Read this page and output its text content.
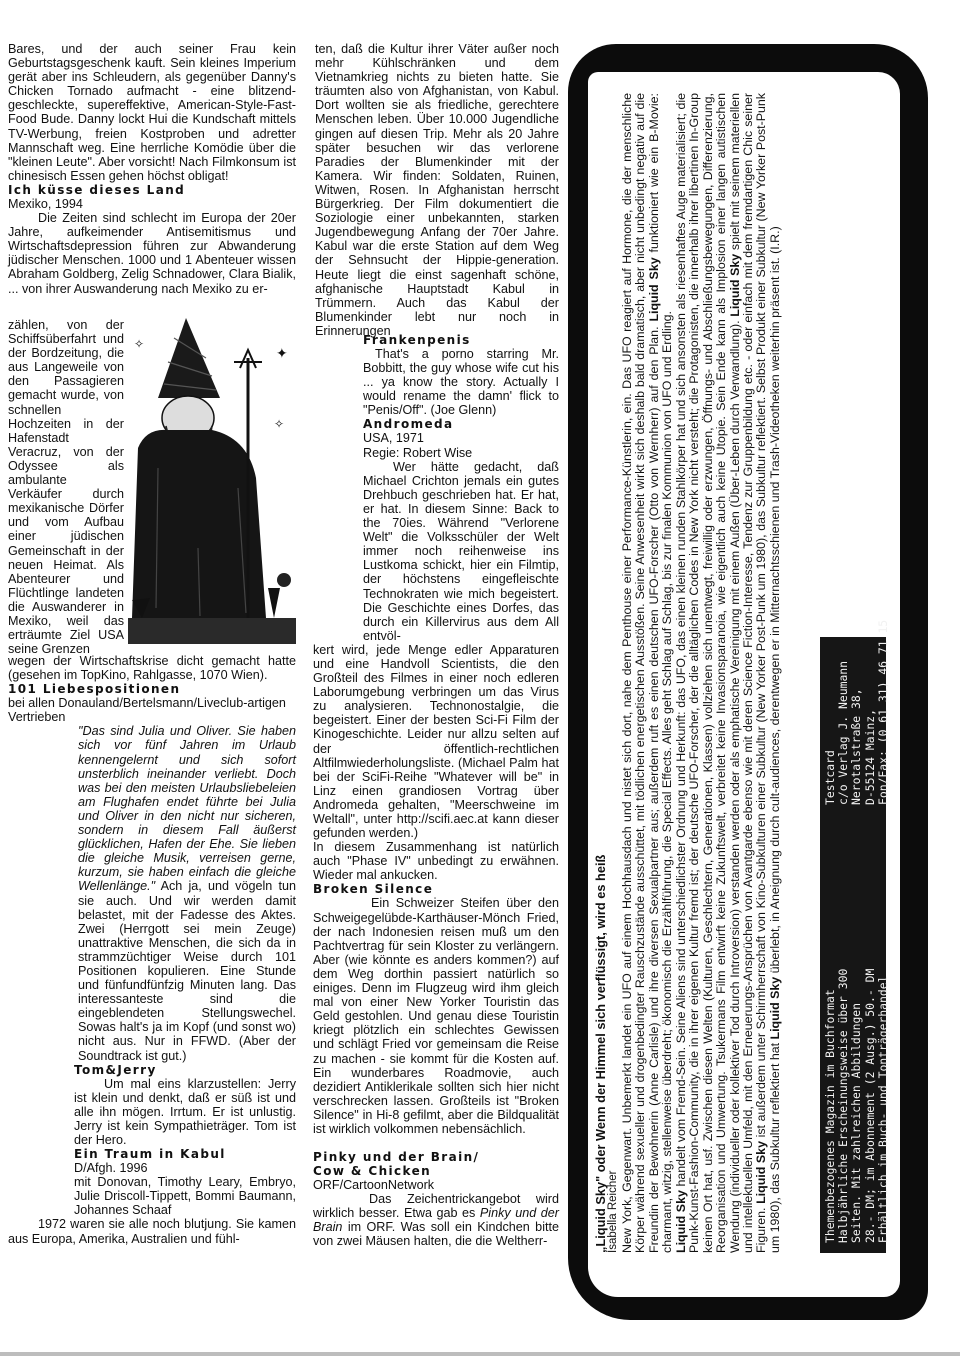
Bares, und der auch seiner Frau kein Geburtstagsgeschenk kauft. Sein kleines Imperium gerät aber ins Schleudern, als gegenüber Danny's Chicken Tornado aufmacht - eine blitzend-geschleckte, supereffektive, American-Style-Fast-Food Bude. Danny lockt Hui die Kundschaft mittels TV-Werbung, freien Kostproben und adretter Mannschaft weg. Eine herrliche Komödie über die "kleinen Leute". Aber vorsicht! Nach Filmkonsum ist chinesisch Essen gehen höchst obligat!

Ich küsse dieses Land

Mexiko, 1994

Die Zeiten sind schlecht im Europa der 20er Jahre, aufkeimender Antisemitismus und Wirtschaftsdepression führen zur Abwanderung jüdischer Menschen. 1000 und 1 Abenteuer wissen Abraham Goldberg, Zelig Schnadower, Clara Bialik, ... von ihrer Auswanderung nach Mexiko zu er-

zählen, von der Schiffsüberfahrt und der Bordzeitung, die aus Langeweile von den Passagieren gemacht wurde, von schnellen Hochzeiten in der Hafenstadt Veracruz, von der Odyssee als ambulante Verkäufer durch mexikanische Dörfer und vom Aufbau einer jüdischen Gemeinschaft in der neuen Heimat. Als Abenteurer und Flüchtlinge landeten die Auswanderer in Mexiko, weil das erträumte Ziel USA seine Grenzen
✦
✧
✧

wegen der Wirtschaftskrise dicht gemacht hatte (gesehen im TopKino, Rahlgasse, 1070 Wien).

101 Liebespositionen

bei allen Donauland/Bertelsmann/Liveclub-artigen Vertrieben

"Das sind Julia und Oliver. Sie haben sich vor fünf Jahren im Urlaub kennengelernt und sich sofort unsterblich ineinander verliebt. Doch was bei den meisten Urlaubsliebeleien am Flughafen endet führte bei Julia und Oliver in den nicht nur sicheren, sondern in diesem Fall äußerst glücklichen, Hafen der Ehe. Sie lieben die gleiche Musik, verreisen gerne, kurzum, sie haben einfach die gleiche Wellenlänge." Ach ja, und vögeln tun sie auch. Und wir werden damit belastet, mit der Fadesse des Aktes. Zwei (Herrgott sei mein Zeuge) unattraktive Menschen, die sich da in strammzüchtiger Weise durch 101 Positionen kopulieren. Eine Stunde und fünfundfünfzig Minuten lang. Das interessanteste sind die eingeblendeten Stellungswechel. Sowas halt's ja im Kopf (und sonst wo) nicht aus. Nur in FFWD. (Aber der Soundtrack ist gut.)

Tom&Jerry

Um mal eins klarzustellen: Jerry ist klein und denkt, daß er süß ist und alle ihn mögen. Irrtum. Er ist unlustig. Jerry ist kein Sympathieträger. Tom ist der Hero.

Ein Traum in Kabul

D/Afgh. 1996

mit Donovan, Timothy Leary, Embryo, Julie Driscoll-Tippett, Bommi Baumann, Johannes Schaaf

1972 waren sie alle noch blutjung. Sie kamen aus Europa, Amerika, Australien und fühl-

ten, daß die Kultur ihrer Väter außer noch mehr Kühlschränken und dem Vietnamkrieg nichts zu bieten hatte. Sie träumten also von Afghanistan, von Kabul. Dort wollten sie als friedliche, gerechtere Menschen leben. Über 10.000 Jugendliche gingen auf diesen Trip. Mehr als 20 Jahre später besuchen wir das verlorene Paradies der Blumenkinder mit der Kamera. Wir finden: Soldaten, Ruinen, Witwen, Rosen. In Afghanistan herrscht Bürgerkrieg. Der Film dokumentiert die Soziologie einer unbekannten, starken Jugendbewegung Anfang der 70er Jahre. Kabul war die erste Station auf dem Weg der Sehnsucht der Hippie-generation. Heute liegt die einst sagenhaft schöne, afghanische Hauptstadt Kabul in Trümmern. Auch das Kabul der Blumenkinder lebt nur noch in Erinnerungen

Frankenpenis

That's a porno starring Mr. Bobbitt, the guy whose wife cut his ... ya know the story. Actually I would rename the damn' flick to "Penis/Off". (Joe Glenn)

Andromeda

USA, 1971

Regie: Robert Wise

Wer hätte gedacht, daß Michael Crichton jemals ein gutes Drehbuch geschrieben hat. Er hat, er hat. In diesem Sinne: Back to the 70ies. Während "Verlorene Welt" die Volksschüler der Welt immer noch reihenweise ins Lustkoma schickt, hier ein Filmtip, der höchstens eingefleischte Technokraten wie mich begeistert. Die Geschichte eines Dorfes, das durch ein Killervirus aus dem All entvöl-

kert wird, jede Menge edler Apparaturen und eine Handvoll Scientists, die den Großteil des Filmes in einer noch edleren Laborumgebung verbringen um das Virus zu analysieren. Technonostalgie, die begeistert. Einer der besten Sci-Fi Film der Kinogeschichte. Leider nur allzu selten auf der öffentlich-rechtlichen Altfilmwiederholungsliste. (Michael Palm hat bei der SciFi-Reihe "Whatever will be" in Linz einen grandiosen Vortrag über Andromeda gehalten, "Meerschweine im Weltall", unter http://scifi.aec.at kann dieser gefunden werden.)

In diesem Zusammenhang ist natürlich auch "Phase IV" unbedingt zu erwähnen. Wieder mal ankucken.

Broken Silence

Ein Schweizer Steifen über den Schweigegelübde-Karthäuser-Mönch Fried, der nach Indonesien reisen muß um den Pachtvertrag für sein Kloster zu verlängern. Aber (wie könnte es anders kommen?) auf dem Weg dorthin passiert natürlich so einiges. Denn im Flugzeug wird ihm gleich mal von einer New Yorker Touristin das Geld gestohlen. Und genau diese Touristin kriegt plötzlich ein schlechtes Gewissen und schlägt Fried vor gemeinsam die Reise zu machen - sie kommt für die Kosten auf. Ein wunderbares Roadmovie, auch dezidiert Antiklerikale sollten sich hier nicht verschrecken lassen. Großteils ist "Broken Silence" in Hi-8 gefilmt, aber die Bildqualität ist wirklich volkommen nebensächlich.

Pinky und der Brain/

Cow & Chicken

ORF/CartoonNetwork

Das Zeichentrickangebot wird wirklich besser. Etwa gab es Pinky und der Brain im ORF. Was soll ein Kindchen bitte von zwei Mäusen halten, die die Weltherr-	„Liquid Sky" oder Wenn der Himmel sich verflüssigt, wird es heiß Isabella Reicher New York, Gegenwart. Unbemerkt landet ein UFO auf einem Hochhausdach und nistet sich dort, nahe dem Penthouse einer Performance-Künstlerin, ein. Das UFO reagiert auf Hormone, die der menschliche Körper während sexueller und drogenbedingter Rauschzustände ausschüttet, mit tödlichen energetischen Ausstößen. Seine Anwesenheit wirkt sich deshalb bald dramatisch, aber nicht unbedingt negativ auf die Freundin der Bewohnerin (Anne Carlisle) und ihre diversen Sexualpartner aus; außerdem ruft es einen deutschen UFO-Forscher (Otto von Wernherr) auf den Plan. Liquid Sky funktioniert wie ein B-Movie: charmant, witzig, stellenweise überdreht; ökonomisch die Erzählführung, die Special Effects. Alles geht Schlag auf Schlag, bis zur finalen Kommunion von UFO und Erdling. Liquid Sky handelt vom Fremd-Sein. Seine Aliens sind unterschiedlichster Ordnung und Herkunft: das UFO, das einen kleinen runden Stahlkörper hat und sich ansonsten als riesenhaftes Auge materialisiert; die Punk-Kunst-Fashion-Community, die in ihrer eigenen Kultur fremd ist; der deutsche UFO-Forscher, der die alltäglichen Codes in New York nicht versteht; die Protagonisten, die innerhalb ihrer libertinen In-Group keinen Ort hat, usf. Zwischen diesen Welten (Kulturen, Geschlechtern, Generationen, Klassen) vollziehen sich unentwegt, freiwillig oder erzwungen, Öffnungs- und Abschließungsbewegungen, Differenzierung, Reorganisation und Umwertung. Tsukermans Film entwirft keine Zukunftswelt, verbreitet keine Invasionsparanoia, wie eigentlich auch keine Utopie. Sein Ende kann als Implosion einer langen autistischen Wendung (individueller oder kollektiver Tod durch Introversion) verstanden werden oder als emphatische Vereinigung mit einem Außen (Über-Leben durch Verwandlung). Liquid Sky spielt mit seinem materiellen und intellektuellen Umfeld, mit den Erneuerungs-Ansprüchen von Avantgarde ebenso wie mit deren Science Fiction-Interesse, Tendenz zur Gruppenbildung etc. - oder einfach mit dem fremdartigen Chic seiner Figuren. Liquid Sky ist außerdem unter Schirmherrschaft von Kino-Subkulturen einer Subkultur (New Yorker Post-Punk um 1980), das Subkultur reflektiert. Selbst Produkt einer Subkultur (New Yorker Post-Punk um 1980), das Subkultur reflektiert hat Liquid Sky überlebt, in Aneignung durch cult-audiences, derentwegen er in Mitternachtsschienen und Trash-Videotheken weiterhin präsent ist. (I.R.)

Themenbezogenes Magazin im Buchformat Halbjährliche Erscheinungsweise über 300 Seiten. Mit zahlreichen Abbildungen 28.- DM; im Abonnement (2 Ausg.) 50.- DM Erhältlich im Buch- und Tonträgerhandel
Testcard c/o Verlag J. Neumann Nerotalstraße 38, D-55124 Mainz, Fon/Fax: (0 61 31) 46 71 15
